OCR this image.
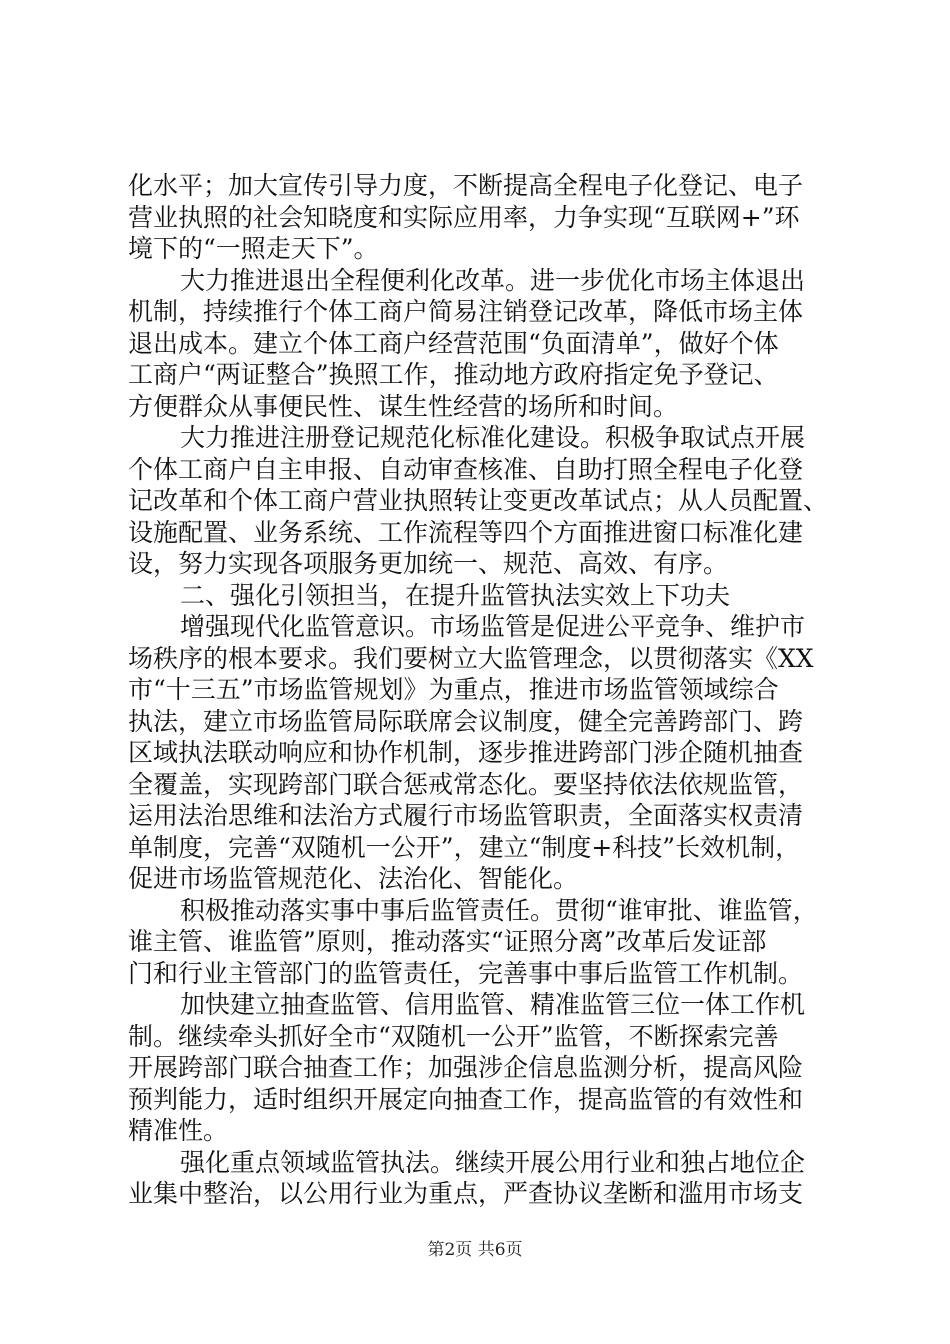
化水平；加大宣传引导力度，不断提高全程电子化登记、电子
营业执照的社会知晓度和实际应用率，力争实现“互联网+”环
境下的“一照走天下”。
大力推进退出全程便利化改革。进一步优化市场主体退出
机制，持续推行个体工商户简易注销登记改革，降低市场主体
退出成本。建立个体工商户经营范围“负面清单”，做好个体
工商户“两证整合”换照工作，推动地方政府指定免予登记、
方便群众从事便民性、谋生性经营的场所和时间。
大力推进注册登记规范化标准化建设。积极争取试点开展
个体工商户自主申报、自动审查核准、自助打照全程电子化登
记改革和个体工商户营业执照转让变更改革试点；从人员配置、
设施配置、业务系统、工作流程等四个方面推进窗口标准化建
设，努力实现各项服务更加统一、规范、高效、有序。
二、强化引领担当，在提升监管执法实效上下功夫
增强现代化监管意识。市场监管是促进公平竞争、维护市
场秩序的根本要求。我们要树立大监管理念，以贯彻落实《XX
市“十三五”市场监管规划》为重点，推进市场监管领域综合
执法，建立市场监管局际联席会议制度，健全完善跨部门、跨
区域执法联动响应和协作机制，逐步推进跨部门涉企随机抽查
全覆盖，实现跨部门联合惩戒常态化。要坚持依法依规监管，
运用法治思维和法治方式履行市场监管职责，全面落实权责清
单制度，完善“双随机一公开”，建立“制度+科技”长效机制，
促进市场监管规范化、法治化、智能化。
积极推动落实事中事后监管责任。贯彻“谁审批、谁监管，
谁主管、谁监管”原则，推动落实“证照分离”改革后发证部
门和行业主管部门的监管责任，完善事中事后监管工作机制。
加快建立抽查监管、信用监管、精准监管三位一体工作机
制。继续牵头抓好全市“双随机一公开”监管，不断探索完善
开展跨部门联合抽查工作；加强涉企信息监测分析，提高风险
预判能力，适时组织开展定向抽查工作，提高监管的有效性和
精准性。
强化重点领域监管执法。继续开展公用行业和独占地位企
业集中整治，以公用行业为重点，严查协议垄断和滥用市场支
第2页 共6页
